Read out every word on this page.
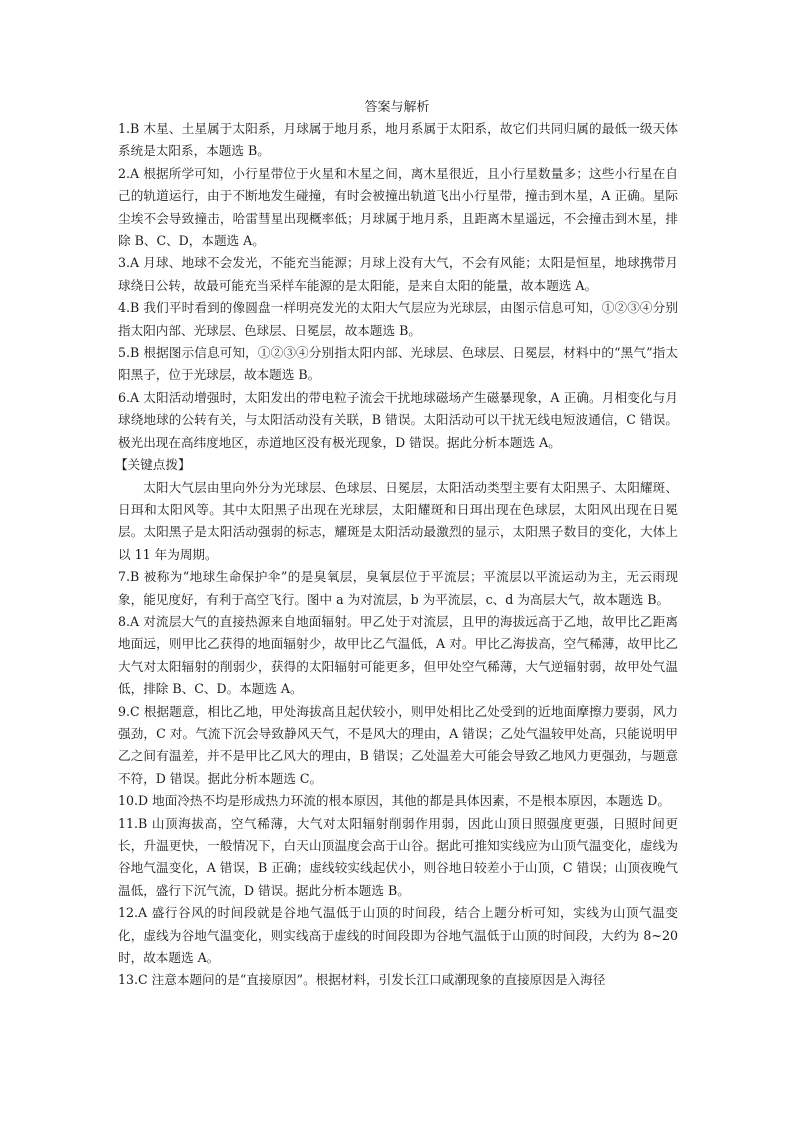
答案与解析

1.B 木星、土星属于太阳系，月球属于地月系，地月系属于太阳系，故它们共同归属的最低一级天体系统是太阳系，本题选 B。

2.A 根据所学可知，小行星带位于火星和木星之间，离木星很近，且小行星数量多；这些小行星在自己的轨道运行，由于不断地发生碰撞，有时会被撞出轨道飞出小行星带，撞击到木星，A 正确。星际尘埃不会导致撞击，哈雷彗星出现概率低；月球属于地月系，且距离木星遥远，不会撞击到木星，排除 B、C、D，本题选 A。

3.A 月球、地球不会发光，不能充当能源；月球上没有大气，不会有风能；太阳是恒星，地球携带月球绕日公转，故最可能充当采样车能源的是太阳能，是来自太阳的能量，故本题选 A。

4.B 我们平时看到的像圆盘一样明亮发光的太阳大气层应为光球层，由图示信息可知，①②③④分别指太阳内部、光球层、色球层、日冕层，故本题选 B。

5.B 根据图示信息可知，①②③④分别指太阳内部、光球层、色球层、日冕层，材料中的“黑气”指太阳黑子，位于光球层，故本题选 B。

6.A 太阳活动增强时，太阳发出的带电粒子流会干扰地球磁场产生磁暴现象，A 正确。月相变化与月球绕地球的公转有关，与太阳活动没有关联，B 错误。太阳活动可以干扰无线电短波通信，C 错误。极光出现在高纬度地区，赤道地区没有极光现象，D 错误。据此分析本题选 A。

【关键点拨】

太阳大气层由里向外分为光球层、色球层、日冕层，太阳活动类型主要有太阳黑子、太阳耀斑、日珥和太阳风等。其中太阳黑子出现在光球层，太阳耀斑和日珥出现在色球层，太阳风出现在日冕层。太阳黑子是太阳活动强弱的标志，耀斑是太阳活动最激烈的显示，太阳黑子数目的变化，大体上以 11 年为周期。

7.B 被称为“地球生命保护伞”的是臭氧层，臭氧层位于平流层；平流层以平流运动为主，无云雨现象，能见度好，有利于高空飞行。图中 a 为对流层，b 为平流层，c、d 为高层大气，故本题选 B。

8.A 对流层大气的直接热源来自地面辐射。甲乙处于对流层，且甲的海拔远高于乙地，故甲比乙距离地面远，则甲比乙获得的地面辐射少，故甲比乙气温低，A 对。甲比乙海拔高，空气稀薄，故甲比乙大气对太阳辐射的削弱少，获得的太阳辐射可能更多，但甲处空气稀薄，大气逆辐射弱，故甲处气温低，排除 B、C、D。本题选 A。

9.C 根据题意，相比乙地，甲处海拔高且起伏较小，则甲处相比乙处受到的近地面摩擦力要弱，风力强劲，C 对。气流下沉会导致静风天气，不是风大的理由，A 错误；乙处气温较甲处高，只能说明甲乙之间有温差，并不是甲比乙风大的理由，B 错误；乙处温差大可能会导致乙地风力更强劲，与题意不符，D 错误。据此分析本题选 C。

10.D 地面冷热不均是形成热力环流的根本原因，其他的都是具体因素，不是根本原因，本题选 D。

11.B 山顶海拔高，空气稀薄，大气对太阳辐射削弱作用弱，因此山顶日照强度更强，日照时间更长，升温更快，一般情况下，白天山顶温度会高于山谷。据此可推知实线应为山顶气温变化，虚线为谷地气温变化，A 错误，B 正确；虚线较实线起伏小，则谷地日较差小于山顶，C 错误；山顶夜晚气温低，盛行下沉气流，D 错误。据此分析本题选 B。

12.A 盛行谷风的时间段就是谷地气温低于山顶的时间段，结合上题分析可知，实线为山顶气温变化，虚线为谷地气温变化，则实线高于虚线的时间段即为谷地气温低于山顶的时间段，大约为 8~20 时，故本题选 A。

13.C 注意本题问的是“直接原因”。根据材料，引发长江口咸潮现象的直接原因是入海径
